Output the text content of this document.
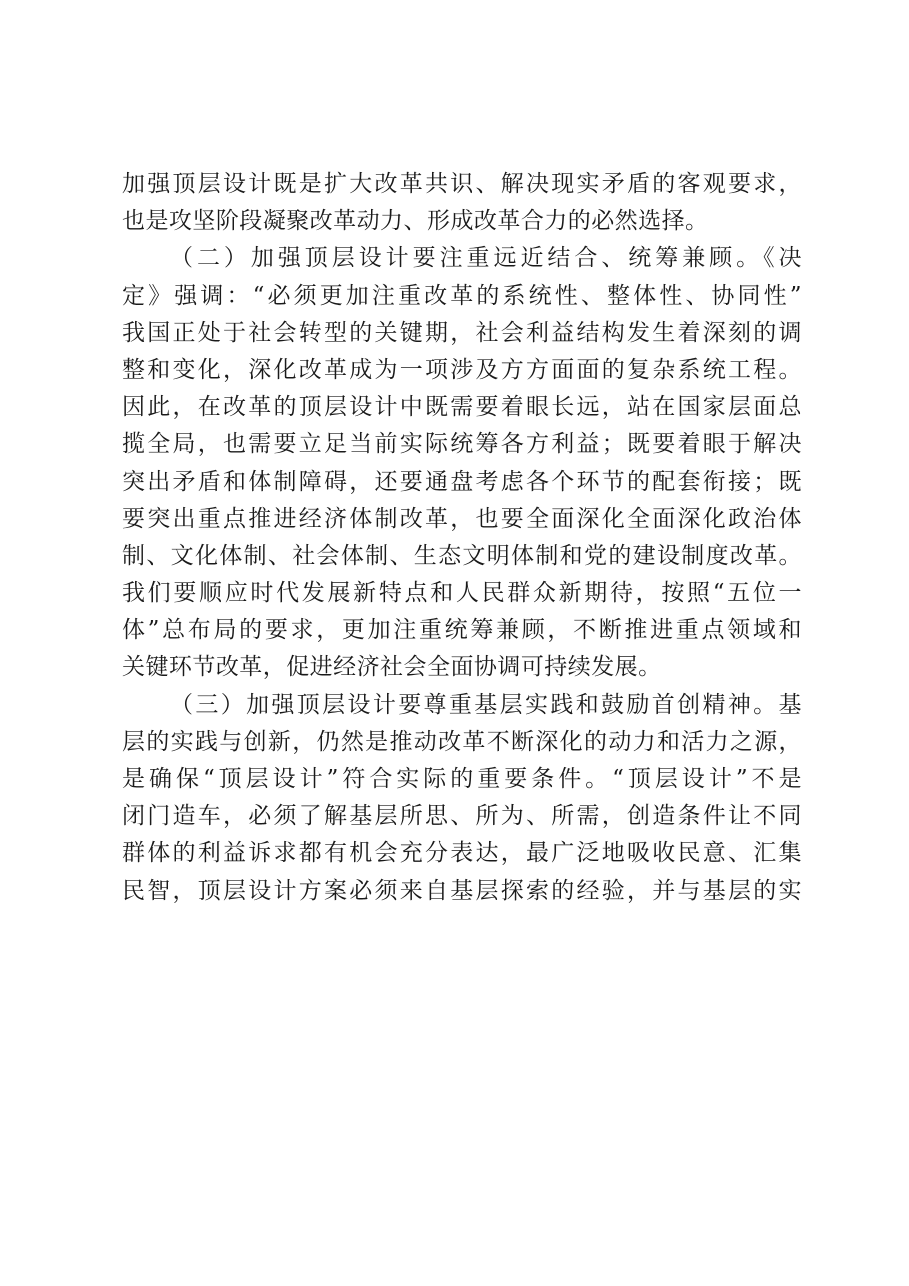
加强顶层设计既是扩大改革共识、解决现实矛盾的客观要求，
也是攻坚阶段凝聚改革动力、形成改革合力的必然选择。
（二）加强顶层设计要注重远近结合、统筹兼顾。《决
定》强调：“必须更加注重改革的系统性、整体性、协同性”
我国正处于社会转型的关键期，社会利益结构发生着深刻的调
整和变化，深化改革成为一项涉及方方面面的复杂系统工程。
因此，在改革的顶层设计中既需要着眼长远，站在国家层面总
揽全局，也需要立足当前实际统筹各方利益；既要着眼于解决
突出矛盾和体制障碍，还要通盘考虑各个环节的配套衔接；既
要突出重点推进经济体制改革，也要全面深化全面深化政治体
制、文化体制、社会体制、生态文明体制和党的建设制度改革。
我们要顺应时代发展新特点和人民群众新期待，按照“五位一
体”总布局的要求，更加注重统筹兼顾，不断推进重点领域和
关键环节改革，促进经济社会全面协调可持续发展。
（三）加强顶层设计要尊重基层实践和鼓励首创精神。基
层的实践与创新，仍然是推动改革不断深化的动力和活力之源，
是确保“顶层设计”符合实际的重要条件。“顶层设计”不是
闭门造车，必须了解基层所思、所为、所需，创造条件让不同
群体的利益诉求都有机会充分表达，最广泛地吸收民意、汇集
民智，顶层设计方案必须来自基层探索的经验，并与基层的实
